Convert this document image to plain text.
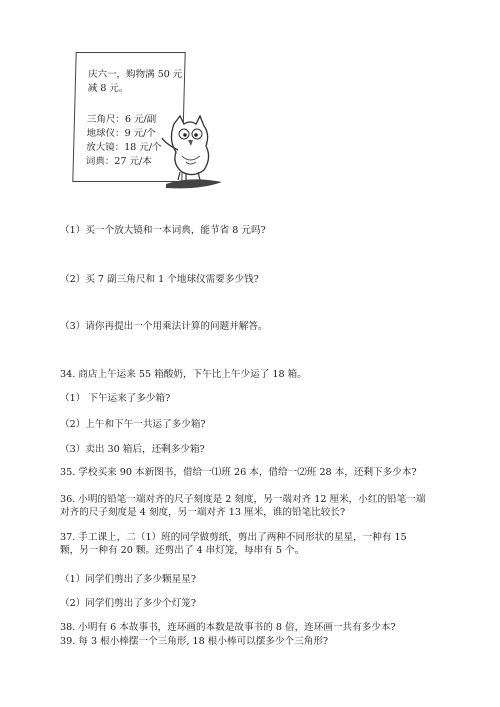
庆六一，购物满 50 元
减 8 元。
三角尺：6 元/副
地球仪：9 元/个
放大镜：18 元/个
词典：27 元/本
（1）买一个放大镜和一本词典，能节省 8 元吗?
（2）买 7 副三角尺和 1 个地球仪需要多少钱?
（3）请你再提出一个用乘法计算的问题并解答。
34. 商店上午运来 55 箱酸奶，下午比上午少运了 18 箱。
（1） 下午运来了多少箱?
（2）上午和下午一共运了多少箱?
（3）卖出 30 箱后，还剩多少箱?
35. 学校买来 90 本新图书，借给一⑴班 26 本，借给一⑵班 28 本，还剩下多少本?
36. 小明的铅笔一端对齐的尺子刻度是 2 刻度，另一端对齐 12 厘米，小红的铅笔一端对齐的尺子刻度是 4 刻度，另一端对齐 13 厘米，谁的铅笔比较长?
37. 手工课上，二（1）班的同学做剪纸，剪出了两种不同形状的星星，一种有 15 颗，另一种有 20 颗。还剪出了 4 串灯笼，每串有 5 个。
（1）同学们剪出了多少颗星星?
（2）同学们剪出了多少个灯笼?
38. 小明有 6 本故事书，连环画的本数是故事书的 8 倍，连环画一共有多少本?
39. 每 3 根小棒摆一个三角形, 18 根小棒可以摆多少个三角形?
